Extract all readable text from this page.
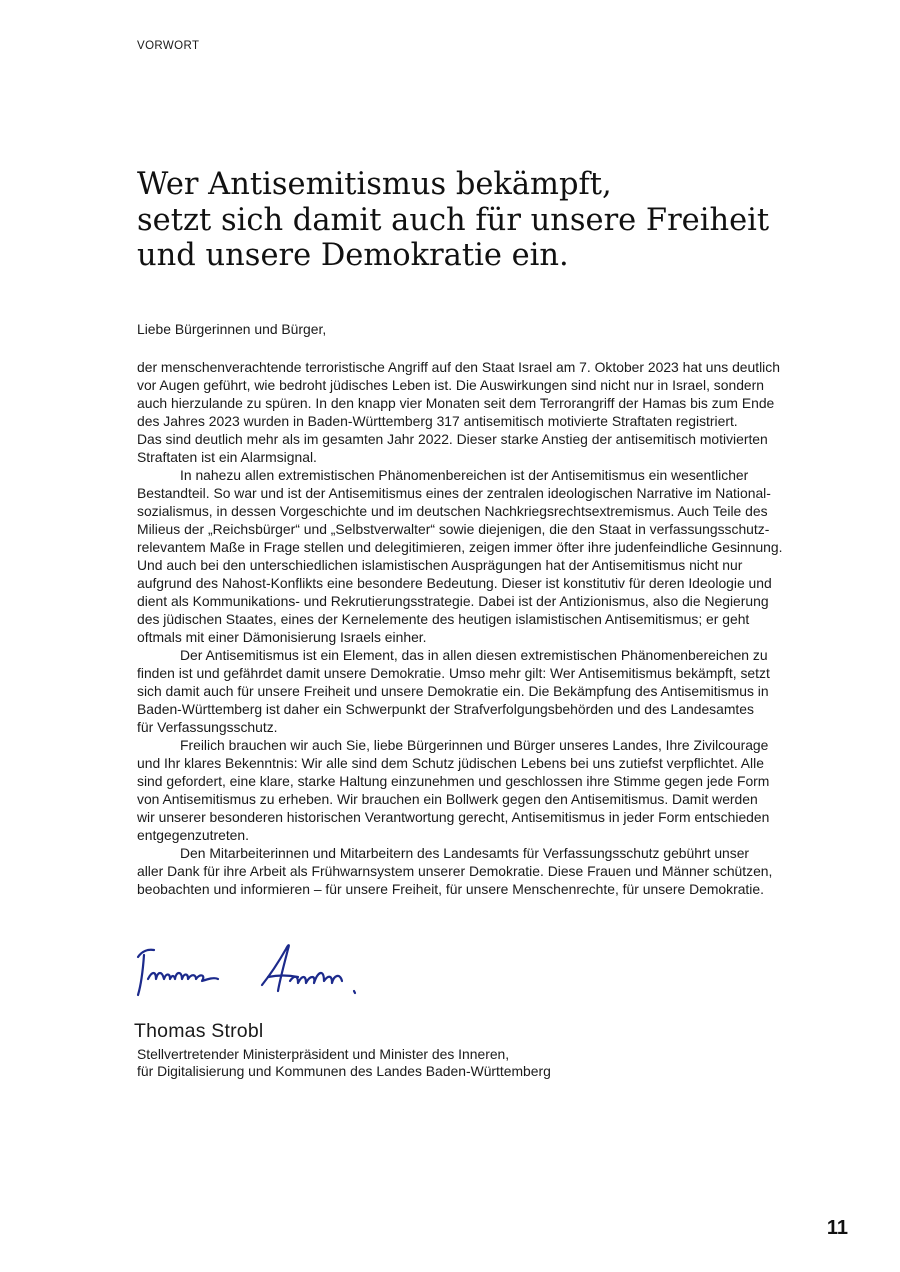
VORWORT
Wer Antisemitismus bekämpft,
setzt sich damit auch für unsere Freiheit
und unsere Demokratie ein.
Liebe Bürgerinnen und Bürger,
der menschenverachtende terroristische Angriff auf den Staat Israel am 7. Oktober 2023 hat uns deutlich
vor Augen geführt, wie bedroht jüdisches Leben ist. Die Auswirkungen sind nicht nur in Israel, sondern
auch hierzulande zu spüren. In den knapp vier Monaten seit dem Terrorangriff der Hamas bis zum Ende
des Jahres 2023 wurden in Baden-Württemberg 317 antisemitisch motivierte Straftaten registriert.
Das sind deutlich mehr als im gesamten Jahr 2022. Dieser starke Anstieg der antisemitisch motivierten
Straftaten ist ein Alarmsignal.
In nahezu allen extremistischen Phänomenbereichen ist der Antisemitismus ein wesentlicher
Bestandteil. So war und ist der Antisemitismus eines der zentralen ideologischen Narrative im National-
sozialismus, in dessen Vorgeschichte und im deutschen Nachkriegsrechtsextremismus. Auch Teile des
Milieus der „Reichsbürger“ und „Selbstverwalter“ sowie diejenigen, die den Staat in verfassungsschutz-
relevantem Maße in Frage stellen und delegitimieren, zeigen immer öfter ihre judenfeindliche Gesinnung.
Und auch bei den unterschiedlichen islamistischen Ausprägungen hat der Antisemitismus nicht nur
aufgrund des Nahost-Konflikts eine besondere Bedeutung. Dieser ist konstitutiv für deren Ideologie und
dient als Kommunikations- und Rekrutierungsstrategie. Dabei ist der Antizionismus, also die Negierung
des jüdischen Staates, eines der Kernelemente des heutigen islamistischen Antisemitismus; er geht
oftmals mit einer Dämonisierung Israels einher.
Der Antisemitismus ist ein Element, das in allen diesen extremistischen Phänomenbereichen zu
finden ist und gefährdet damit unsere Demokratie. Umso mehr gilt: Wer Antisemitismus bekämpft, setzt
sich damit auch für unsere Freiheit und unsere Demokratie ein. Die Bekämpfung des Antisemitismus in
Baden-Württemberg ist daher ein Schwerpunkt der Strafverfolgungsbehörden und des Landesamtes
für Verfassungsschutz.
Freilich brauchen wir auch Sie, liebe Bürgerinnen und Bürger unseres Landes, Ihre Zivilcourage
und Ihr klares Bekenntnis: Wir alle sind dem Schutz jüdischen Lebens bei uns zutiefst verpflichtet. Alle
sind gefordert, eine klare, starke Haltung einzunehmen und geschlossen ihre Stimme gegen jede Form
von Antisemitismus zu erheben. Wir brauchen ein Bollwerk gegen den Antisemitismus. Damit werden
wir unserer besonderen historischen Verantwortung gerecht, Antisemitismus in jeder Form entschieden
entgegenzutreten.
Den Mitarbeiterinnen und Mitarbeitern des Landesamts für Verfassungsschutz gebührt unser
aller Dank für ihre Arbeit als Frühwarnsystem unserer Demokratie. Diese Frauen und Männer schützen,
beobachten und informieren – für unsere Freiheit, für unsere Menschenrechte, für unsere Demokratie.
Thomas Strobl
Stellvertretender Ministerpräsident und Minister des Inneren,
für Digitalisierung und Kommunen des Landes Baden-Württemberg
11
